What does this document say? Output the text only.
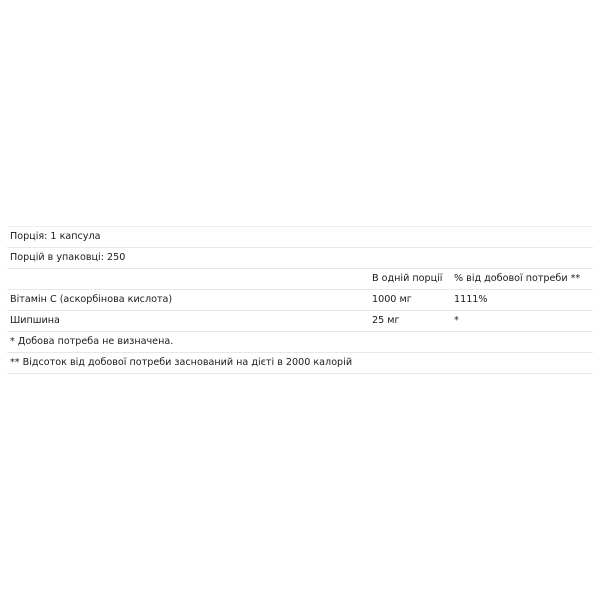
Порція: 1 капсула		
Порцій в упаковці: 250		
	В одній порції	% від добової потреби **
Вітамін С (аскорбінова кислота)	1000 мг	1111%
Шипшина	25 мг	*
* Добова потреба не визначена.		
** Відсоток від добової потреби заснований на дієті в 2000 калорій		
